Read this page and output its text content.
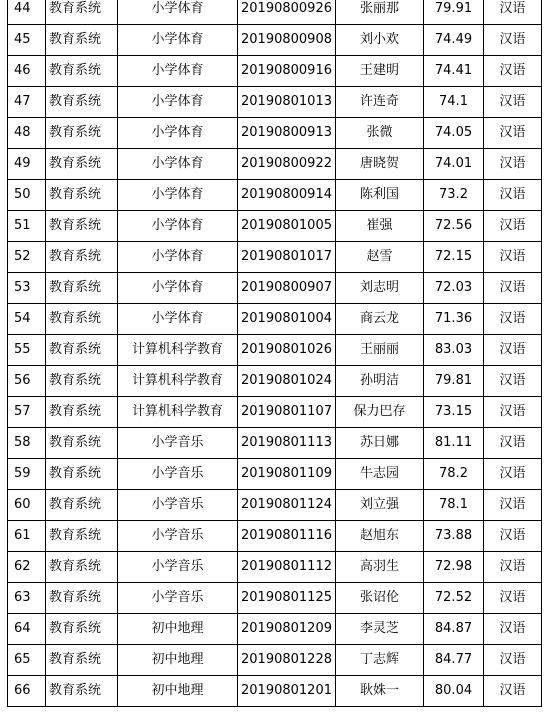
44	教育系统	小学体育	20190800926	张丽那	79.91	汉语
45	教育系统	小学体育	20190800908	刘小欢	74.49	汉语
46	教育系统	小学体育	20190800916	王建明	74.41	汉语
47	教育系统	小学体育	20190801013	许连奇	74.1	汉语
48	教育系统	小学体育	20190800913	张微	74.05	汉语
49	教育系统	小学体育	20190800922	唐晓贺	74.01	汉语
50	教育系统	小学体育	20190800914	陈利国	73.2	汉语
51	教育系统	小学体育	20190801005	崔强	72.56	汉语
52	教育系统	小学体育	20190801017	赵雪	72.15	汉语
53	教育系统	小学体育	20190800907	刘志明	72.03	汉语
54	教育系统	小学体育	20190801004	商云龙	71.36	汉语
55	教育系统	计算机科学教育	20190801026	王丽丽	83.03	汉语
56	教育系统	计算机科学教育	20190801024	孙明洁	79.81	汉语
57	教育系统	计算机科学教育	20190801107	保力巴存	73.15	汉语
58	教育系统	小学音乐	20190801113	苏日娜	81.11	汉语
59	教育系统	小学音乐	20190801109	牛志园	78.2	汉语
60	教育系统	小学音乐	20190801124	刘立强	78.1	汉语
61	教育系统	小学音乐	20190801116	赵旭东	73.88	汉语
62	教育系统	小学音乐	20190801112	高羽生	72.98	汉语
63	教育系统	小学音乐	20190801125	张诏伦	72.52	汉语
64	教育系统	初中地理	20190801209	李灵芝	84.87	汉语
65	教育系统	初中地理	20190801228	丁志辉	84.77	汉语
66	教育系统	初中地理	20190801201	耿姝一	80.04	汉语
